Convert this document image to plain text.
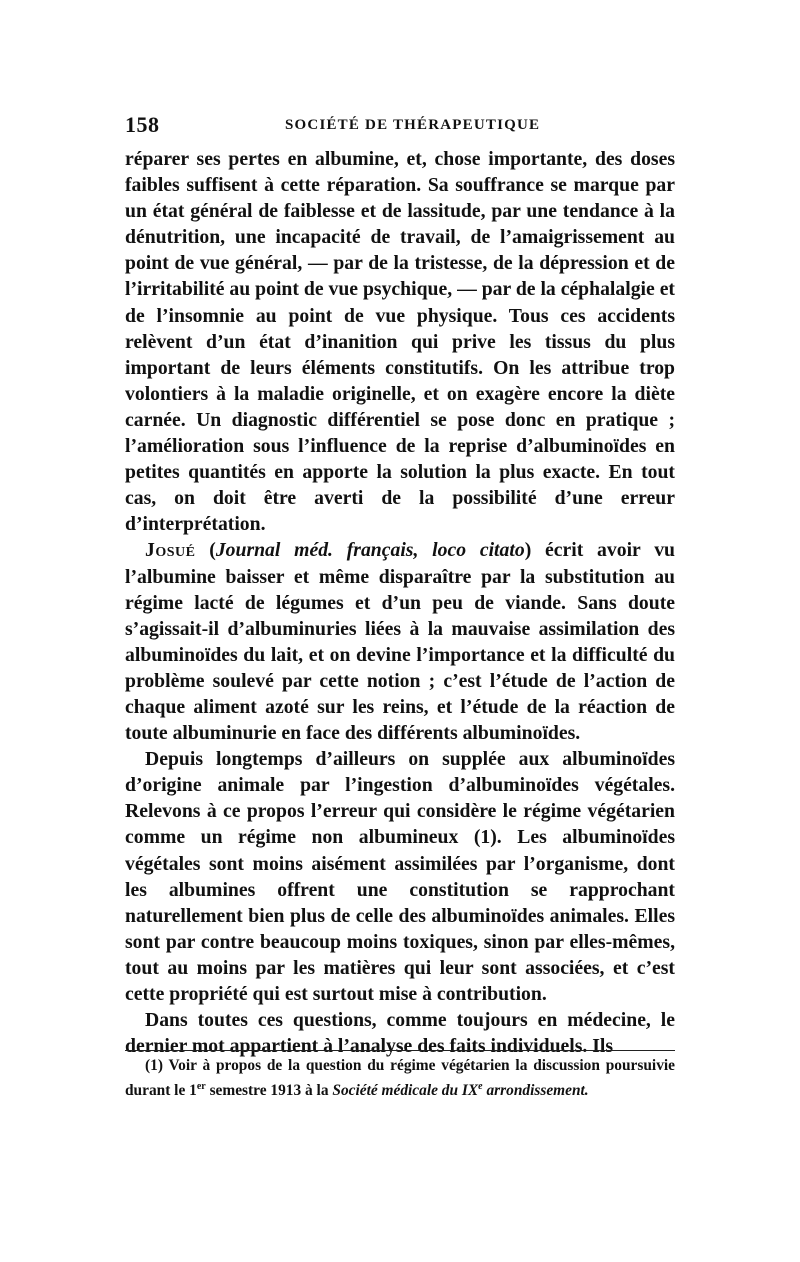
158	SOCIÉTÉ DE THÉRAPEUTIQUE

réparer ses pertes en albumine, et, chose importante, des doses faibles suffisent à cette réparation. Sa souffrance se marque par un état général de faiblesse et de lassitude, par une tendance à la dénutrition, une incapacité de travail, de l’amaigrissement au point de vue général, — par de la tristesse, de la dépression et de l’irritabilité au point de vue psychique, — par de la céphalalgie et de l’insomnie au point de vue physique. Tous ces accidents relèvent d’un état d’inanition qui prive les tissus du plus important de leurs éléments constitutifs. On les attribue trop volontiers à la maladie originelle, et on exagère encore la diète carnée. Un diagnostic différentiel se pose donc en pratique ; l’amélioration sous l’influence de la reprise d’albuminoïdes en petites quantités en apporte la solution la plus exacte. En tout cas, on doit être averti de la possibilité d’une erreur d’interprétation.

Josué (Journal méd. français, loco citato) écrit avoir vu l’albumine baisser et même disparaître par la substitution au régime lacté de légumes et d’un peu de viande. Sans doute s’agissait-il d’albuminuries liées à la mauvaise assimilation des albuminoïdes du lait, et on devine l’importance et la difficulté du problème soulevé par cette notion ; c’est l’étude de l’action de chaque aliment azoté sur les reins, et l’étude de la réaction de toute albuminurie en face des différents albuminoïdes.

Depuis longtemps d’ailleurs on supplée aux albuminoïdes d’origine animale par l’ingestion d’albuminoïdes végétales. Relevons à ce propos l’erreur qui considère le régime végétarien comme un régime non albumineux (1). Les albuminoïdes végétales sont moins aisément assimilées par l’organisme, dont les albumines offrent une constitution se rapprochant naturellement bien plus de celle des albuminoïdes animales. Elles sont par contre beaucoup moins toxiques, sinon par elles-mêmes, tout au moins par les matières qui leur sont associées, et c’est cette propriété qui est surtout mise à contribution.

Dans toutes ces questions, comme toujours en médecine, le dernier mot appartient à l’analyse des faits individuels. Ils

(1) Voir à propos de la question du régime végétarien la discussion poursuivie durant le 1er semestre 1913 à la Société médicale du IXe arrondissement.
